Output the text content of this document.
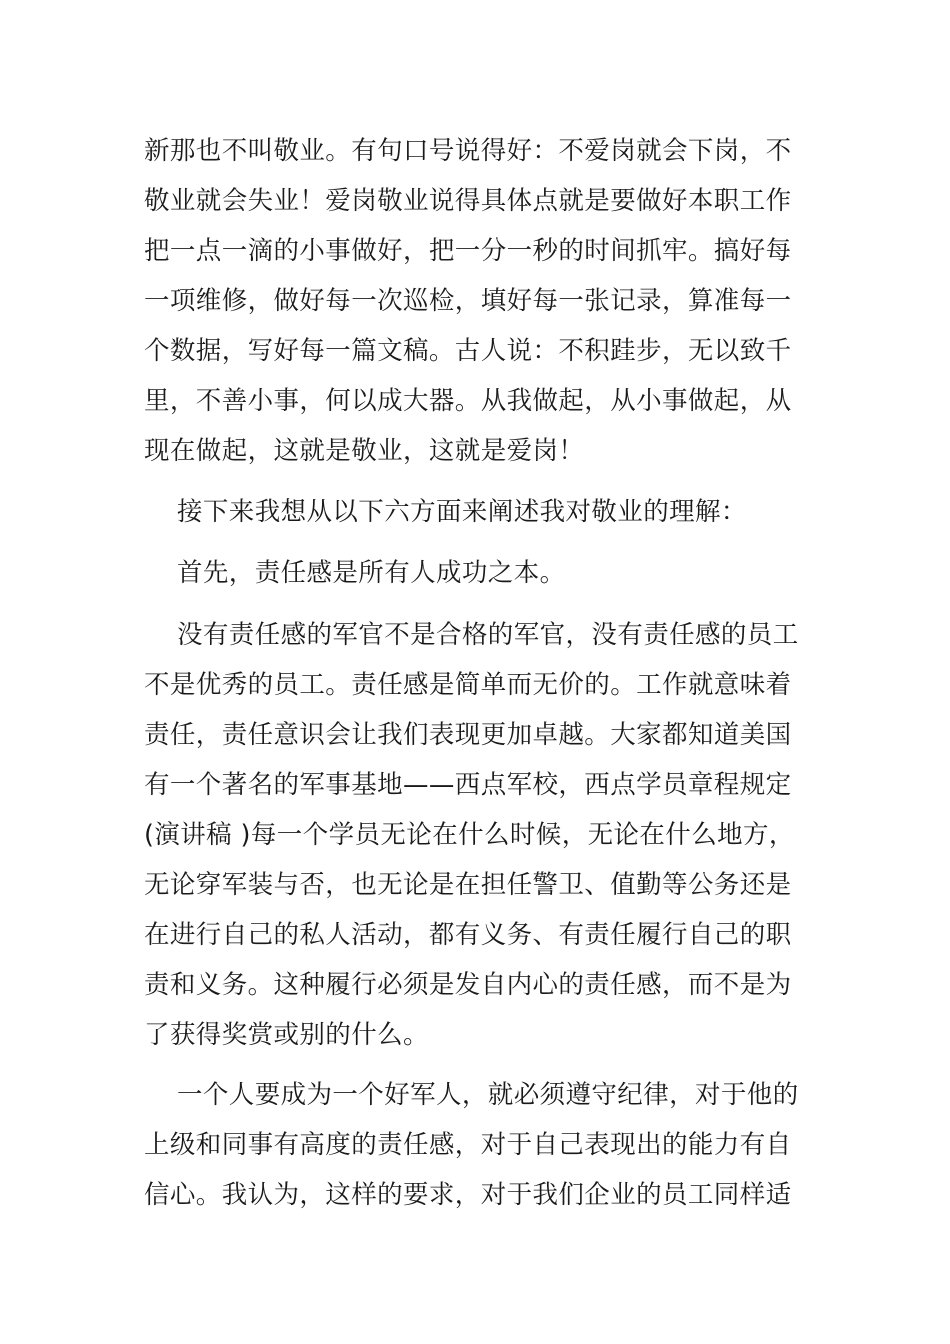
新那也不叫敬业。有句口号说得好：不爱岗就会下岗，不
敬业就会失业！爱岗敬业说得具体点就是要做好本职工作
把一点一滴的小事做好，把一分一秒的时间抓牢。搞好每
一项维修，做好每一次巡检，填好每一张记录，算准每一
个数据，写好每一篇文稿。古人说：不积跬步，无以致千
里，不善小事，何以成大器。从我做起，从小事做起，从
现在做起，这就是敬业，这就是爱岗！
接下来我想从以下六方面来阐述我对敬业的理解：
首先，责任感是所有人成功之本。
没有责任感的军官不是合格的军官，没有责任感的员工
不是优秀的员工。责任感是简单而无价的。工作就意味着
责任，责任意识会让我们表现更加卓越。大家都知道美国
有一个著名的军事基地——西点军校，西点学员章程规定
(演讲稿 )每一个学员无论在什么时候，无论在什么地方，
无论穿军装与否，也无论是在担任警卫、值勤等公务还是
在进行自己的私人活动，都有义务、有责任履行自己的职
责和义务。这种履行必须是发自内心的责任感，而不是为
了获得奖赏或别的什么。
一个人要成为一个好军人，就必须遵守纪律，对于他的
上级和同事有高度的责任感，对于自己表现出的能力有自
信心。我认为，这样的要求，对于我们企业的员工同样适
